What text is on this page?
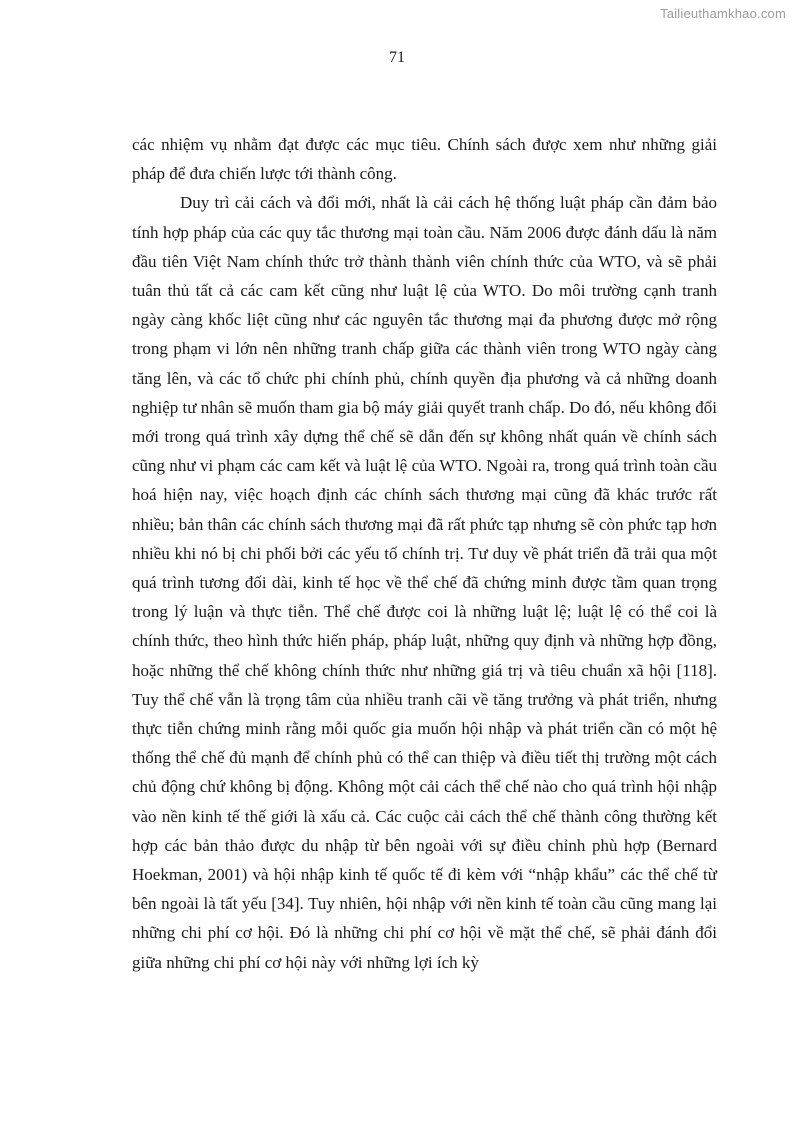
Tailieuthamkhao.com
71

các nhiệm vụ nhằm đạt được các mục tiêu. Chính sách được xem như những giải pháp để đưa chiến lược tới thành công.

Duy trì cải cách và đổi mới, nhất là cải cách hệ thống luật pháp cần đảm bảo tính hợp pháp của các quy tắc thương mại toàn cầu. Năm 2006 được đánh dấu là năm đầu tiên Việt Nam chính thức trở thành thành viên chính thức của WTO, và sẽ phải tuân thủ tất cả các cam kết cũng như luật lệ của WTO. Do môi trường cạnh tranh ngày càng khốc liệt cũng như các nguyên tắc thương mại đa phương được mở rộng trong phạm vi lớn nên những tranh chấp giữa các thành viên trong WTO ngày càng tăng lên, và các tổ chức phi chính phủ, chính quyền địa phương và cả những doanh nghiệp tư nhân sẽ muốn tham gia bộ máy giải quyết tranh chấp. Do đó, nếu không đổi mới trong quá trình xây dựng thể chế sẽ dẫn đến sự không nhất quán về chính sách cũng như vi phạm các cam kết và luật lệ của WTO. Ngoài ra, trong quá trình toàn cầu hoá hiện nay, việc hoạch định các chính sách thương mại cũng đã khác trước rất nhiều; bản thân các chính sách thương mại đã rất phức tạp nhưng sẽ còn phức tạp hơn nhiều khi nó bị chi phối bởi các yếu tố chính trị. Tư duy về phát triển đã trải qua một quá trình tương đối dài, kinh tế học về thể chế đã chứng minh được tầm quan trọng trong lý luận và thực tiễn. Thể chế được coi là những luật lệ; luật lệ có thể coi là chính thức, theo hình thức hiến pháp, pháp luật, những quy định và những hợp đồng, hoặc những thể chế không chính thức như những giá trị và tiêu chuẩn xã hội [118]. Tuy thể chế vẫn là trọng tâm của nhiều tranh cãi về tăng trưởng và phát triển, nhưng thực tiễn chứng minh rằng mỗi quốc gia muốn hội nhập và phát triển cần có một hệ thống thể chế đủ mạnh để chính phủ có thể can thiệp và điều tiết thị trường một cách chủ động chứ không bị động. Không một cải cách thể chế nào cho quá trình hội nhập vào nền kinh tế thế giới là xấu cả. Các cuộc cải cách thể chế thành công thường kết hợp các bản thảo được du nhập từ bên ngoài với sự điều chỉnh phù hợp (Bernard Hoekman, 2001) và hội nhập kinh tế quốc tế đi kèm với “nhập khẩu” các thể chế từ bên ngoài là tất yếu [34]. Tuy nhiên, hội nhập với nền kinh tế toàn cầu cũng mang lại những chi phí cơ hội. Đó là những chi phí cơ hội về mặt thể chế, sẽ phải đánh đổi giữa những chi phí cơ hội này với những lợi ích kỳ
